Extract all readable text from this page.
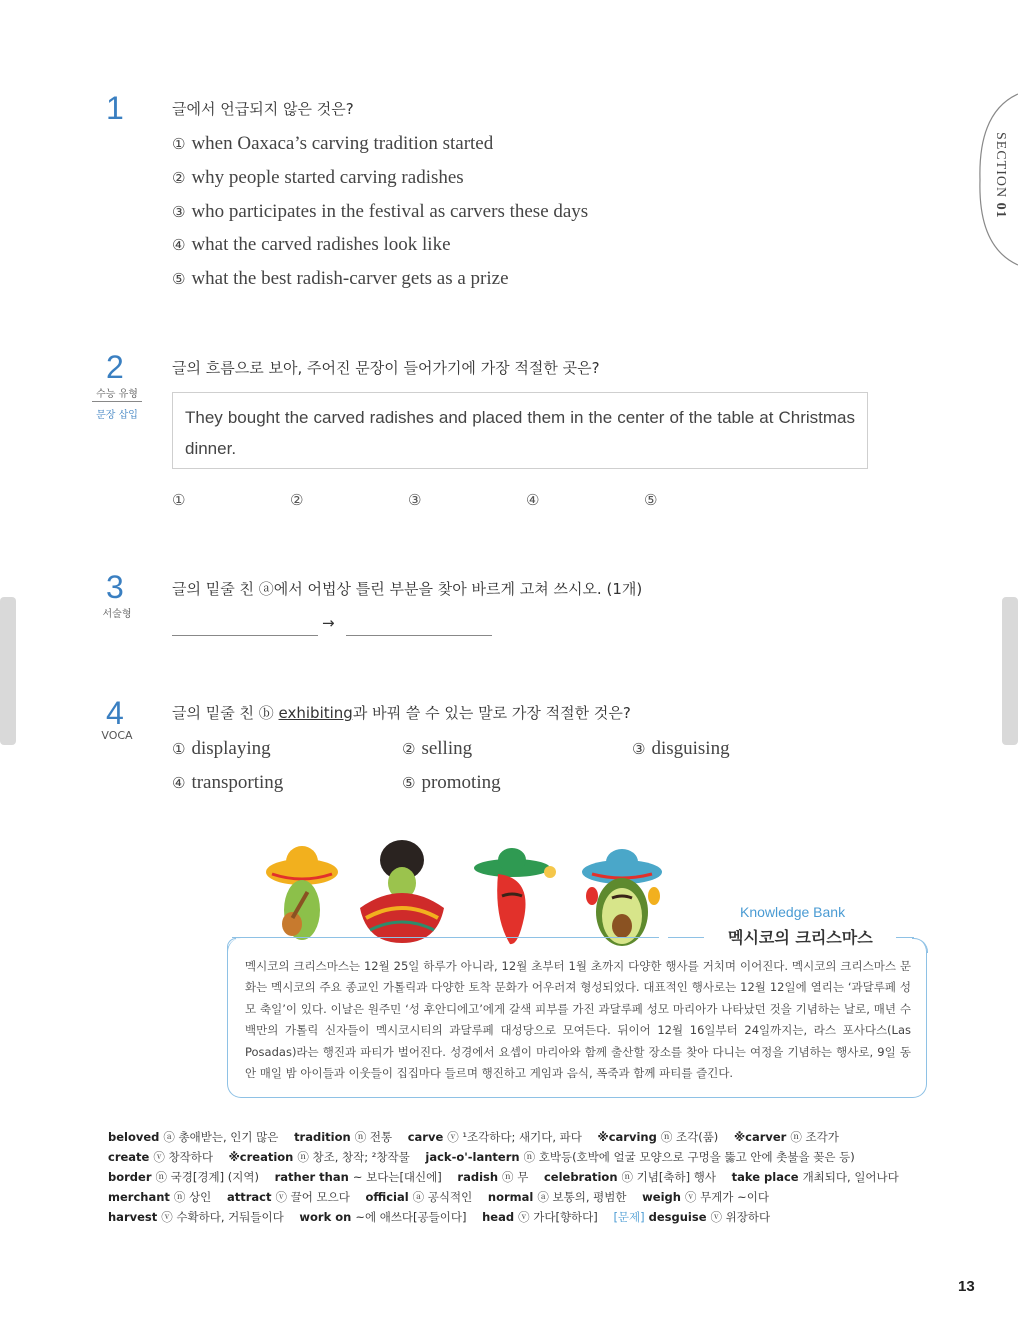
SECTION 01
1	글에서 언급되지 않은 것은?
① when Oaxaca’s carving tradition started
② why people started carving radishes
③ who participates in the festival as carvers these days
④ what the carved radishes look like
⑤ what the best radish-carver gets as a prize
2
수능 유형
문장 삽입
글의 흐름으로 보아, 주어진 문장이 들어가기에 가장 적절한 곳은?
They bought the carved radishes and placed them in the center of the table at Christmas dinner.
①	②	③	④	⑤
3
서술형
글의 밑줄 친 ⓐ에서 어법상 틀린 부분을 찾아 바르게 고쳐 쓰시오. (1개)
→
4
VOCA
글의 밑줄 친 ⓑ exhibiting과 바꿔 쓸 수 있는 말로 가장 적절한 것은?
① displaying	② selling	③ disguising
④ transporting	⑤ promoting
Knowledge Bank
멕시코의 크리스마스
멕시코의 크리스마스는 12월 25일 하루가 아니라, 12월 초부터 1월 초까지 다양한 행사를 거치며 이어진다. 멕시코의 크리스마스 문화는 멕시코의 주요 종교인 가톨릭과 다양한 토착 문화가 어우러져 형성되었다. 대표적인 행사로는 12월 12일에 열리는 ‘과달루페 성모 축일’이 있다. 이날은 원주민 ‘성 후안디에고’에게 갈색 피부를 가진 과달루페 성모 마리아가 나타났던 것을 기념하는 날로, 매년 수백만의 가톨릭 신자들이 멕시코시티의 과달루페 대성당으로 모여든다. 뒤이어 12월 16일부터 24일까지는, 라스 포사다스(Las Posadas)라는 행진과 파티가 벌어진다. 성경에서 요셉이 마리아와 함께 출산할 장소를 찾아 다니는 여정을 기념하는 행사로, 9일 동안 매일 밤 아이들과 이웃들이 집집마다 들르며 행진하고 게임과 음식, 폭죽과 함께 파티를 즐긴다.
beloved ⓐ 총애받는, 인기 많은 tradition ⓝ 전통 carve ⓥ ¹조각하다; 새기다, 파다 ※carving ⓝ 조각(품) ※carver ⓝ 조각가 create ⓥ 창작하다 ※creation ⓝ 창조, 창작; ²창작물 jack-o'-lantern ⓝ 호박등(호박에 얼굴 모양으로 구멍을 뚫고 안에 촛불을 꽂은 등) border ⓝ 국경[경계] (지역) rather than ~ 보다는[대신에] radish ⓝ 무 celebration ⓝ 기념[축하] 행사 take place 개최되다, 일어나다 merchant ⓝ 상인 attract ⓥ 끌어 모으다 official ⓐ 공식적인 normal ⓐ 보통의, 평범한 weigh ⓥ 무게가 ~이다 harvest ⓥ 수확하다, 거둬들이다 work on ~에 애쓰다[공들이다] head ⓥ 가다[향하다] [문제] desguise ⓥ 위장하다
13
